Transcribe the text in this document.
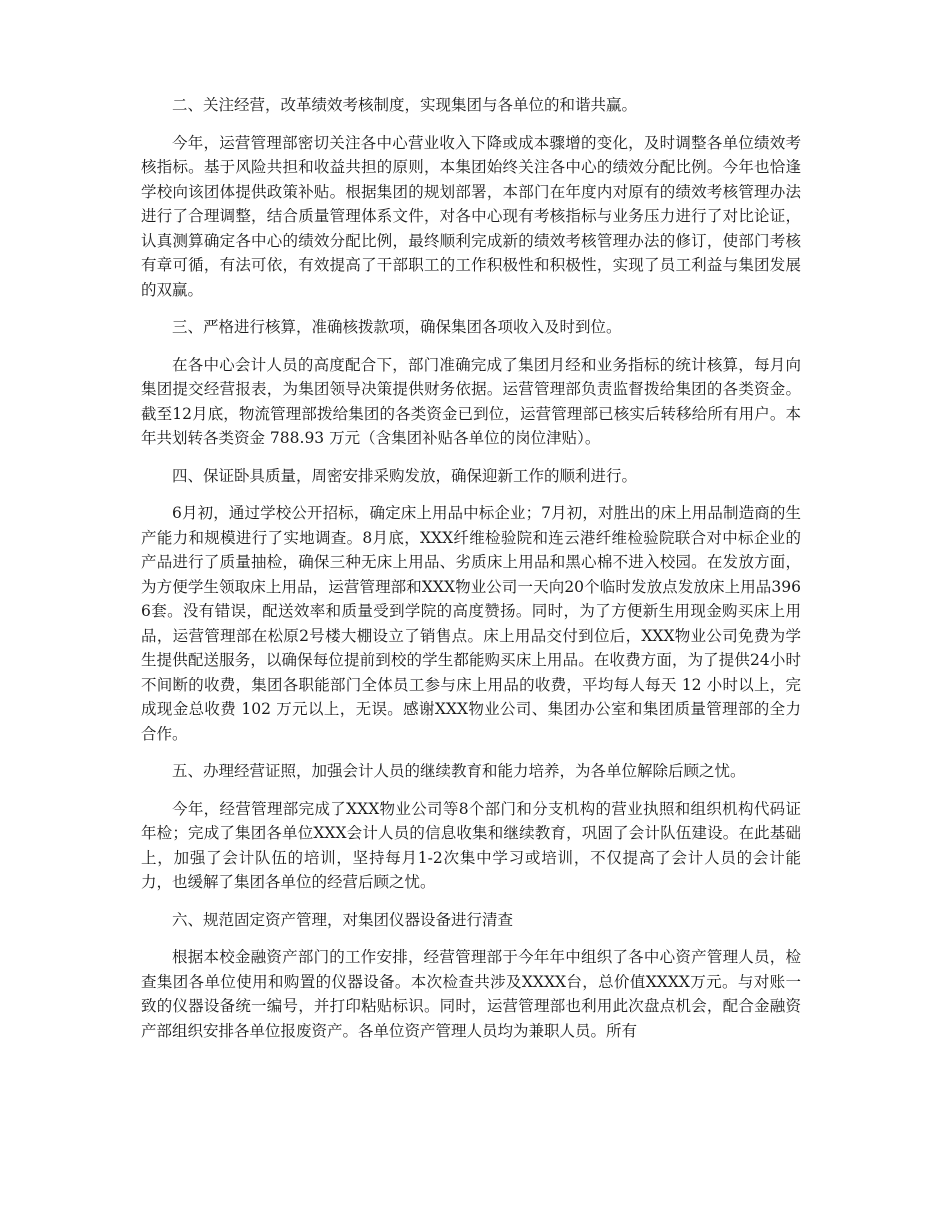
二、关注经营，改革绩效考核制度，实现集团与各单位的和谐共赢。

今年，运营管理部密切关注各中心营业收入下降或成本骤增的变化，及时调整各单位绩效考核指标。基于风险共担和收益共担的原则，本集团始终关注各中心的绩效分配比例。今年也恰逢学校向该团体提供政策补贴。根据集团的规划部署，本部门在年度内对原有的绩效考核管理办法进行了合理调整，结合质量管理体系文件，对各中心现有考核指标与业务压力进行了对比论证，认真测算确定各中心的绩效分配比例，最终顺利完成新的绩效考核管理办法的修订，使部门考核有章可循，有法可依，有效提高了干部职工的工作积极性和积极性，实现了员工利益与集团发展的双赢。

三、严格进行核算，准确核拨款项，确保集团各项收入及时到位。

在各中心会计人员的高度配合下，部门准确完成了集团月经和业务指标的统计核算，每月向集团提交经营报表，为集团领导决策提供财务依据。运营管理部负责监督拨给集团的各类资金。截至12月底，物流管理部拨给集团的各类资金已到位，运营管理部已核实后转移给所有用户。本年共划转各类资金 788.93 万元（含集团补贴各单位的岗位津贴）。

四、保证卧具质量，周密安排采购发放，确保迎新工作的顺利进行。

6月初，通过学校公开招标，确定床上用品中标企业；7月初，对胜出的床上用品制造商的生产能力和规模进行了实地调查。8月底，XXX纤维检验院和连云港纤维检验院联合对中标企业的产品进行了质量抽检，确保三种无床上用品、劣质床上用品和黑心棉不进入校园。在发放方面，为方便学生领取床上用品，运营管理部和XXX物业公司一天向20个临时发放点发放床上用品3966套。没有错误，配送效率和质量受到学院的高度赞扬。同时，为了方便新生用现金购买床上用品，运营管理部在松原2号楼大棚设立了销售点。床上用品交付到位后，XXX物业公司免费为学生提供配送服务，以确保每位提前到校的学生都能购买床上用品。在收费方面，为了提供24小时不间断的收费，集团各职能部门全体员工参与床上用品的收费，平均每人每天 12 小时以上，完成现金总收费 102 万元以上，无误。感谢XXX物业公司、集团办公室和集团质量管理部的全力合作。

五、办理经营证照，加强会计人员的继续教育和能力培养，为各单位解除后顾之忧。

今年，经营管理部完成了XXX物业公司等8个部门和分支机构的营业执照和组织机构代码证年检；完成了集团各单位XXX会计人员的信息收集和继续教育，巩固了会计队伍建设。在此基础上，加强了会计队伍的培训，坚持每月1-2次集中学习或培训，不仅提高了会计人员的会计能力，也缓解了集团各单位的经营后顾之忧。

六、规范固定资产管理，对集团仪器设备进行清查

根据本校金融资产部门的工作安排，经营管理部于今年年中组织了各中心资产管理人员，检查集团各单位使用和购置的仪器设备。本次检查共涉及XXXX台，总价值XXXX万元。与对账一致的仪器设备统一编号，并打印粘贴标识。同时，运营管理部也利用此次盘点机会，配合金融资产部组织安排各单位报废资产。各单位资产管理人员均为兼职人员。所有
